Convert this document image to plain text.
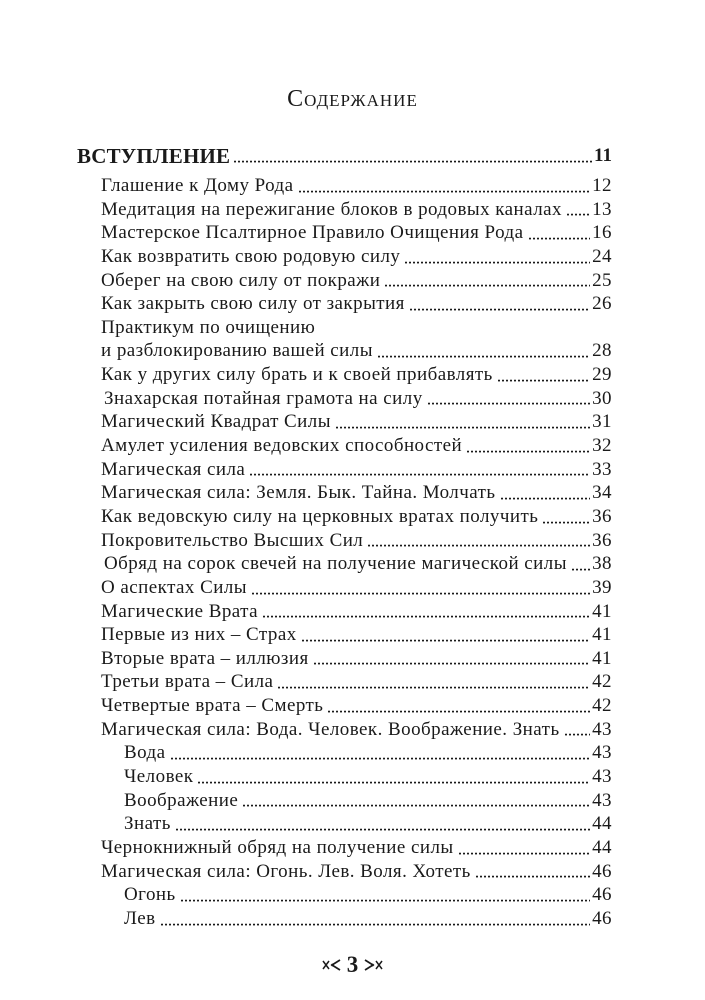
Содержание
ВСТУПЛЕНИЕ	11
Глашение к Дому Рода	12
Медитация на пережигание блоков в родовых каналах 13
Мастерское Псалтирное Правило Очищения Рода	16
Как возвратить свою родовую силу	24
Оберег на свою силу от покражи	25
Как закрыть свою силу от закрытия	26
Практикум по очищению
и разблокированию вашей силы	28
Как у других силу брать и к своей прибавлять	29
Знахарская потайная грамота на силу	30
Магический Квадрат Силы	31
Амулет усиления ведовских способностей	32
Магическая сила	33
Магическая сила: Земля. Бык. Тайна. Молчать	34
Как ведовскую силу на церковных вратах получить	36
Покровительство Высших Сил	36
Обряд на сорок свечей на получение магической силы 38
О аспектах Силы	39
Магические Врата	41
Первые из них – Страх	41
Вторые врата – иллюзия	41
Третьи врата – Сила	42
Четвертые врата – Смерть	42
Магическая сила: Вода. Человек. Воображение. Знать 43
Вода	43
Человек	43
Воображение	43
Знать	44
Чернокнижный обряд на получение силы	44
Магическая сила: Огонь. Лев. Воля. Хотеть	46
Огонь	46
Лев	46
3
